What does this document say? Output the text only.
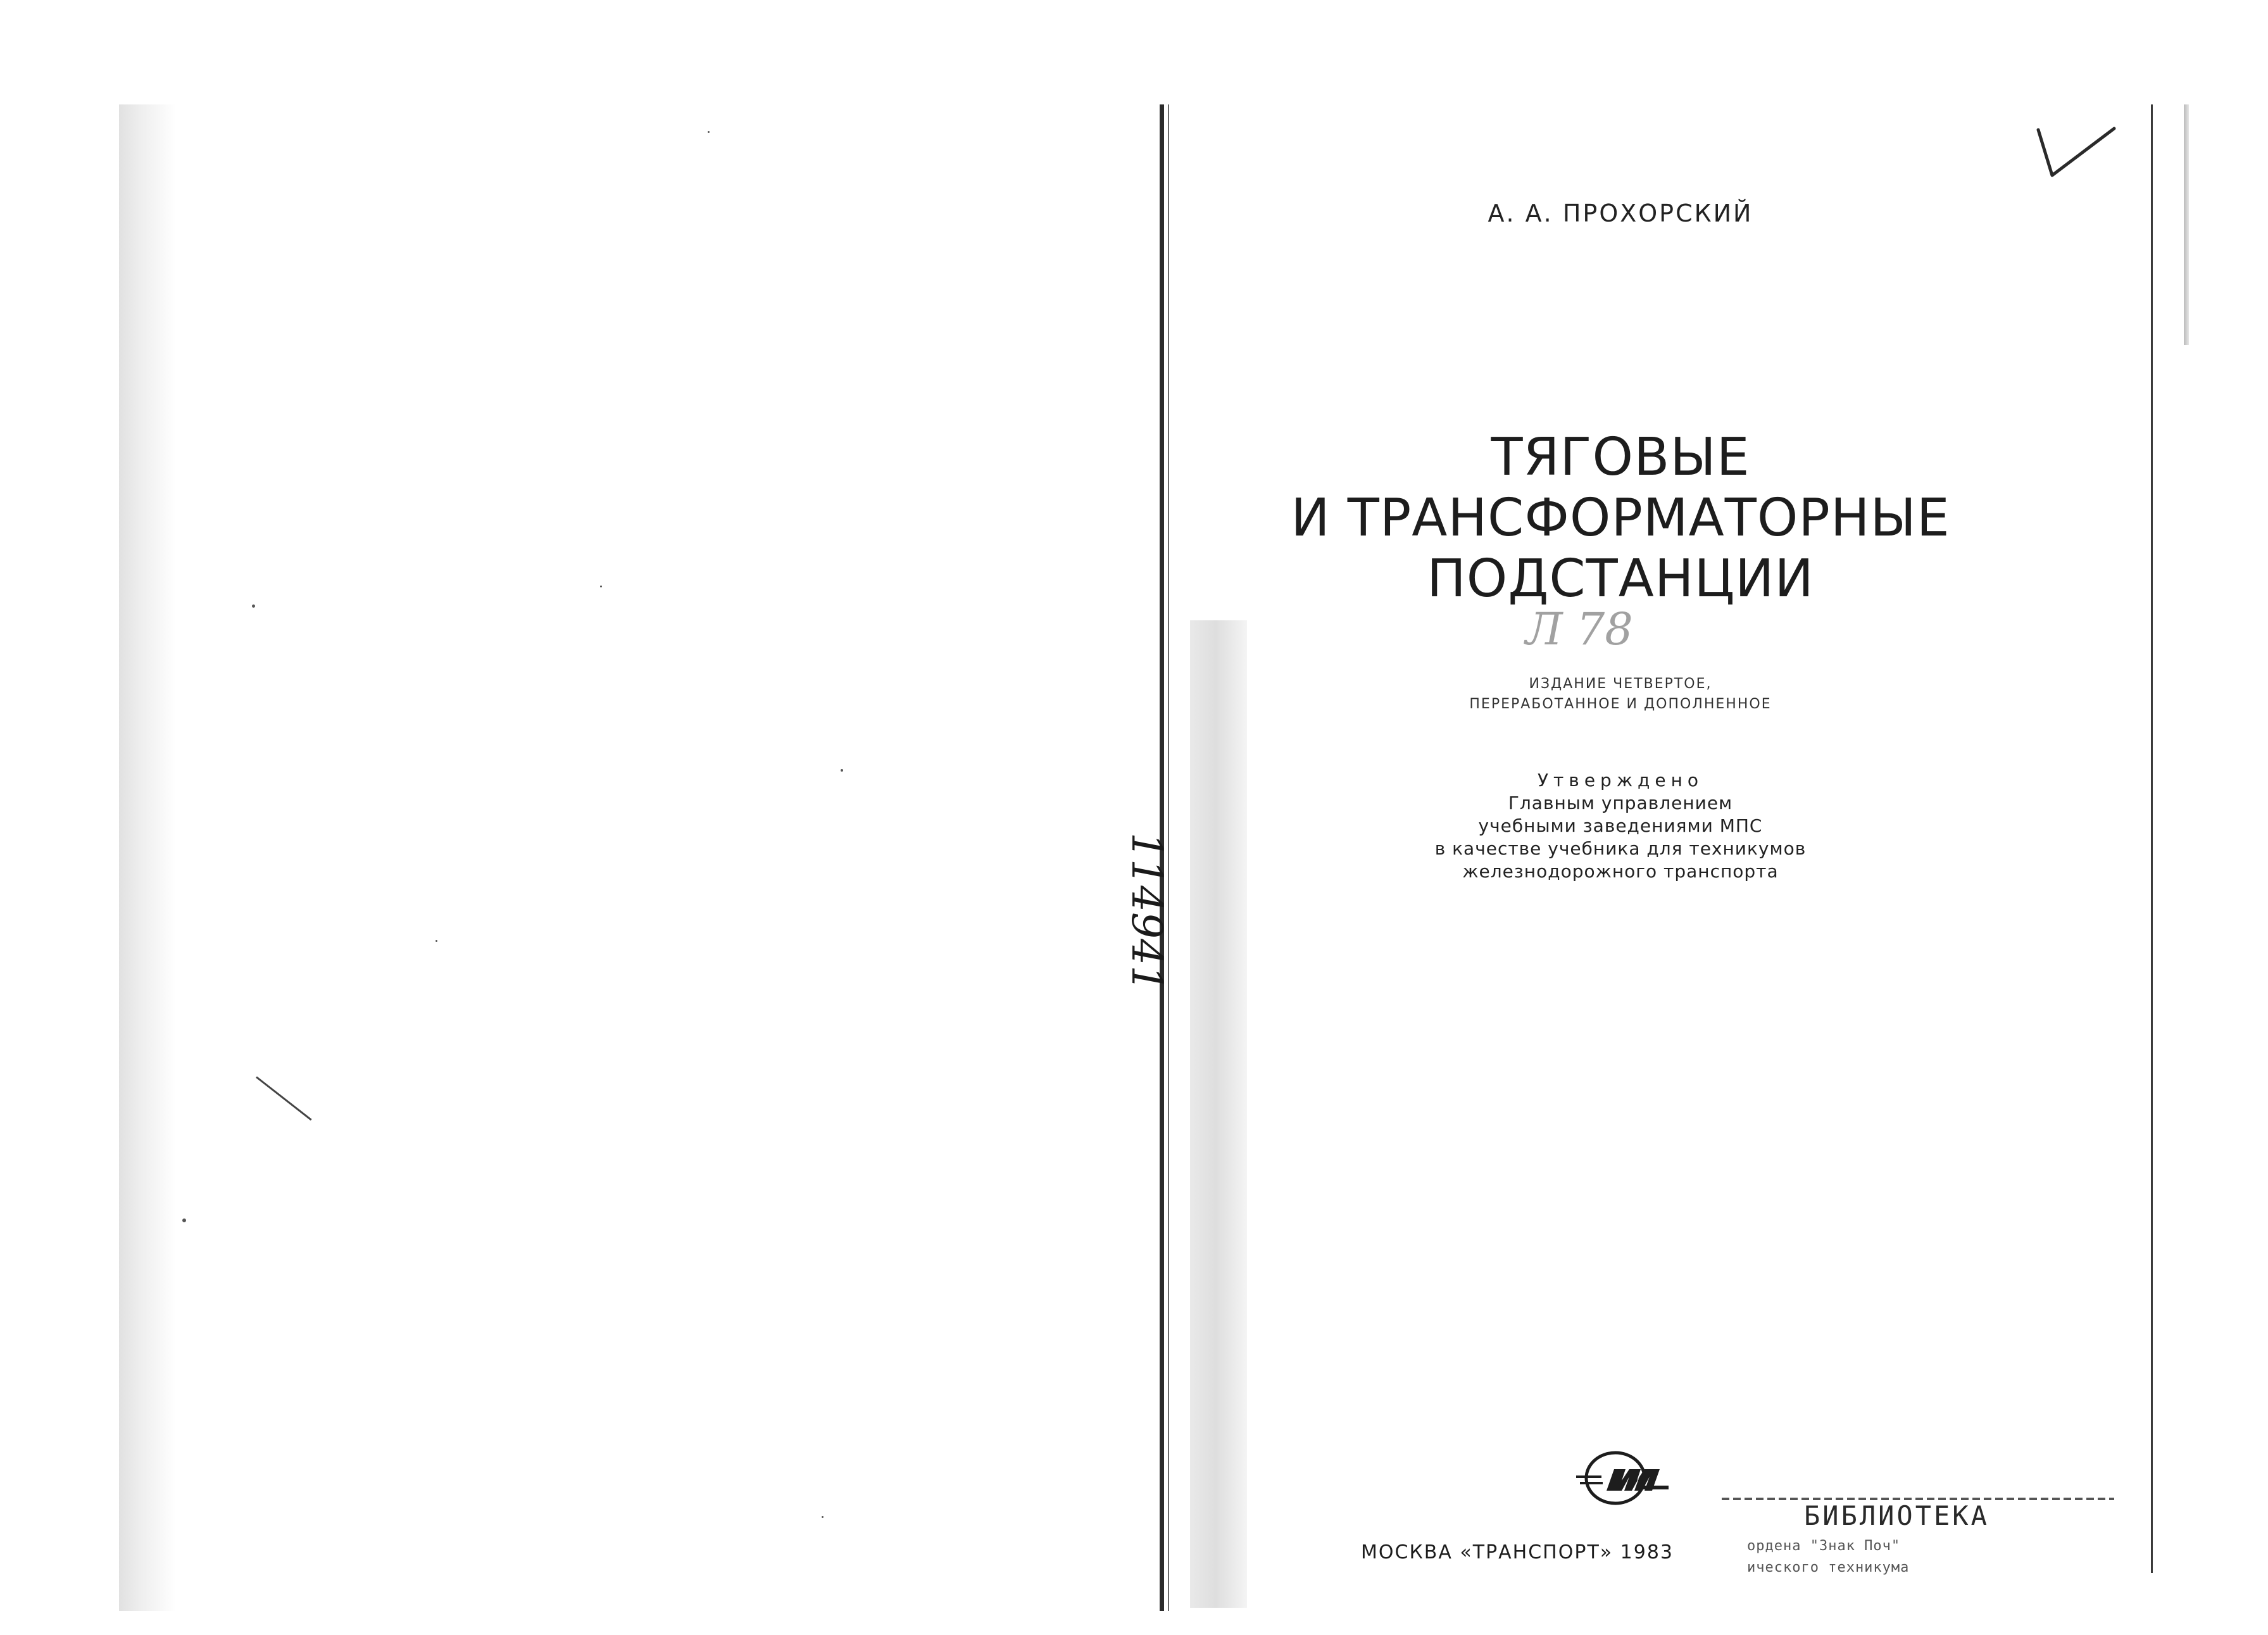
А. А. ПРОХОРСКИЙ
ТЯГОВЫЕ
И ТРАНСФОРМАТОРНЫЕ
ПОДСТАНЦИИ
Л 78
ИЗДАНИЕ ЧЕТВЕРТОЕ,
ПЕРЕРАБОТАННОЕ И ДОПОЛНЕННОЕ
Утверждено
Главным управлением
учебными заведениями МПС
в качестве учебника для техникумов
железнодорожного транспорта
114941
МОСКВА «ТРАНСПОРТ» 1983
БИБЛИОТЕКА
ордена "Знак Поч"
ического техникума
